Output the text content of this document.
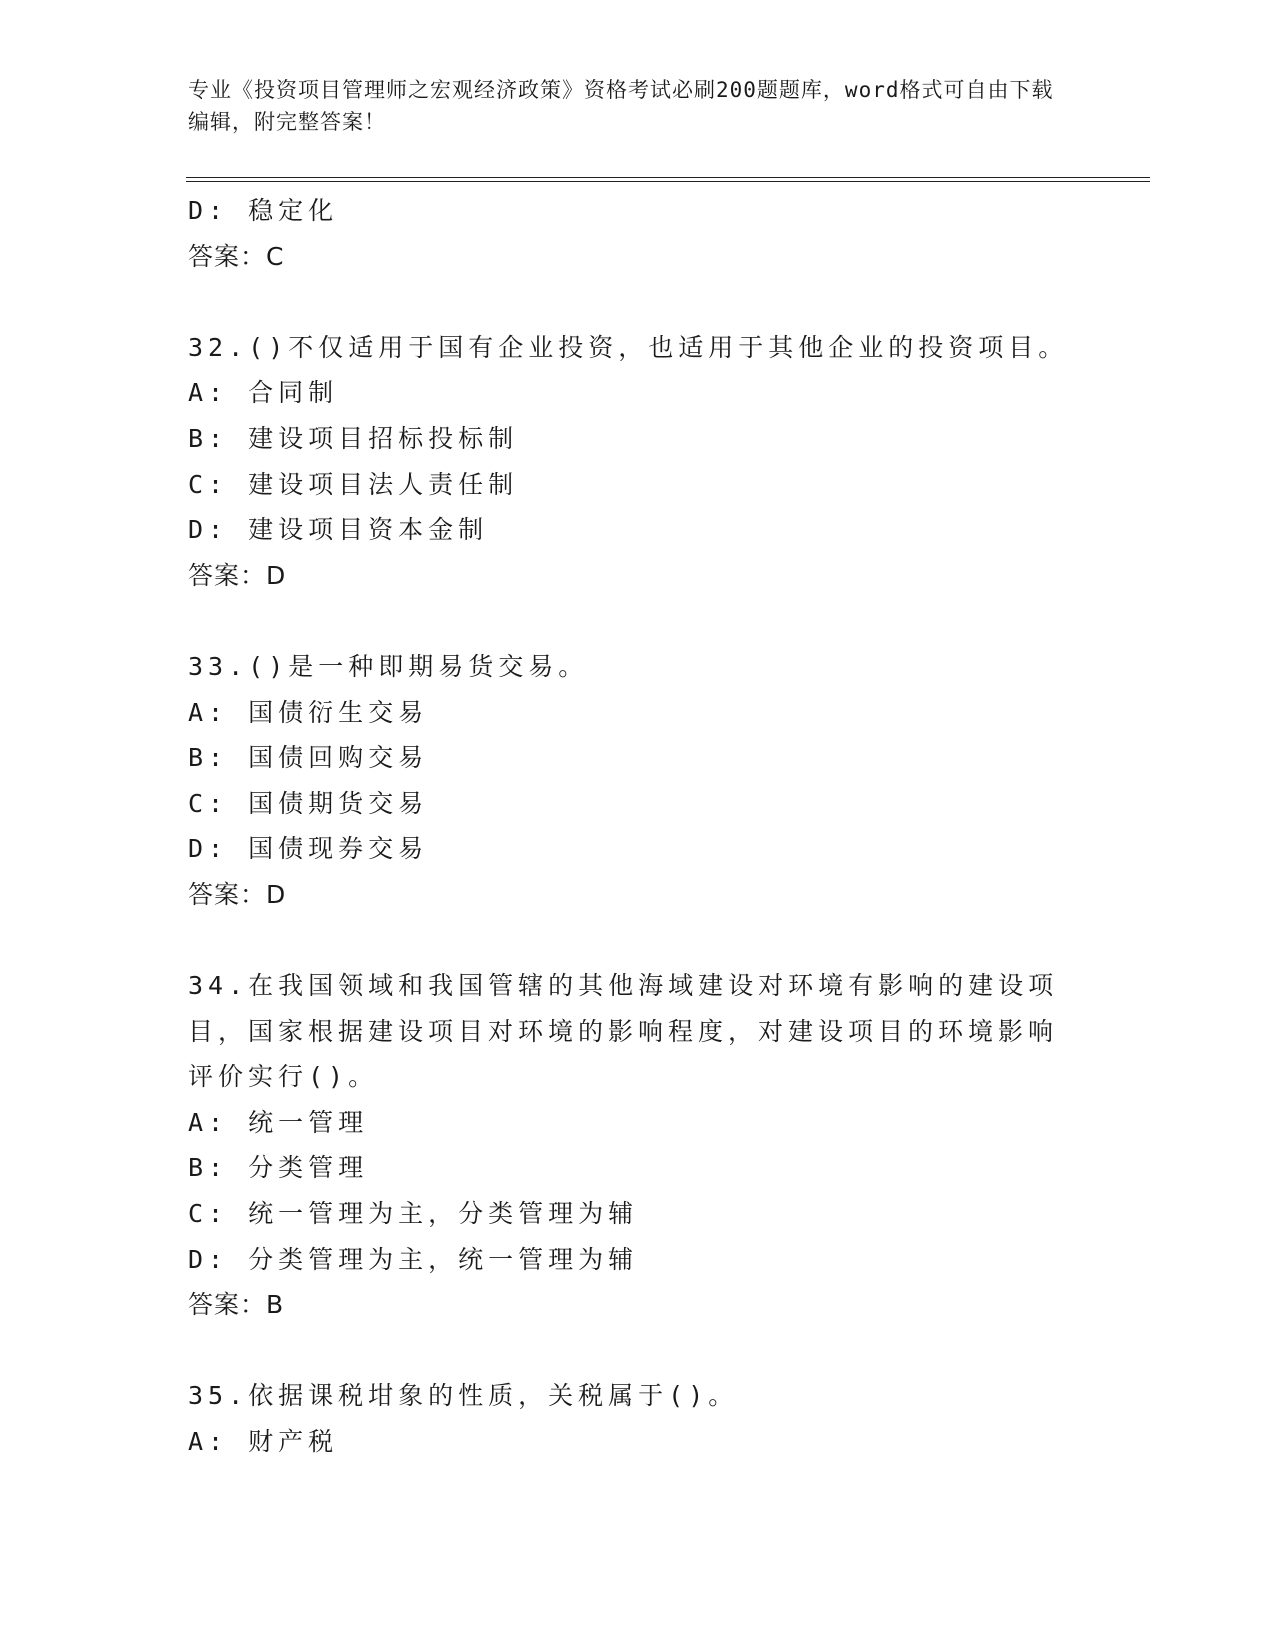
专业《投资项目管理师之宏观经济政策》资格考试必刷200题题库，word格式可自由下载编辑，附完整答案！
D: 稳定化
答案：C
32.()不仅适用于国有企业投资，也适用于其他企业的投资项目。
A: 合同制
B: 建设项目招标投标制
C: 建设项目法人责任制
D: 建设项目资本金制
答案：D
33.()是一种即期易货交易。
A: 国债衍生交易
B: 国债回购交易
C: 国债期货交易
D: 国债现券交易
答案：D
34.在我国领域和我国管辖的其他海域建设对环境有影响的建设项目，国家根据建设项目对环境的影响程度，对建设项目的环境影响评价实行()。
A: 统一管理
B: 分类管理
C: 统一管理为主，分类管理为辅
D: 分类管理为主，统一管理为辅
答案：B
35.依据课税坩象的性质，关税属于()。
A: 财产税
